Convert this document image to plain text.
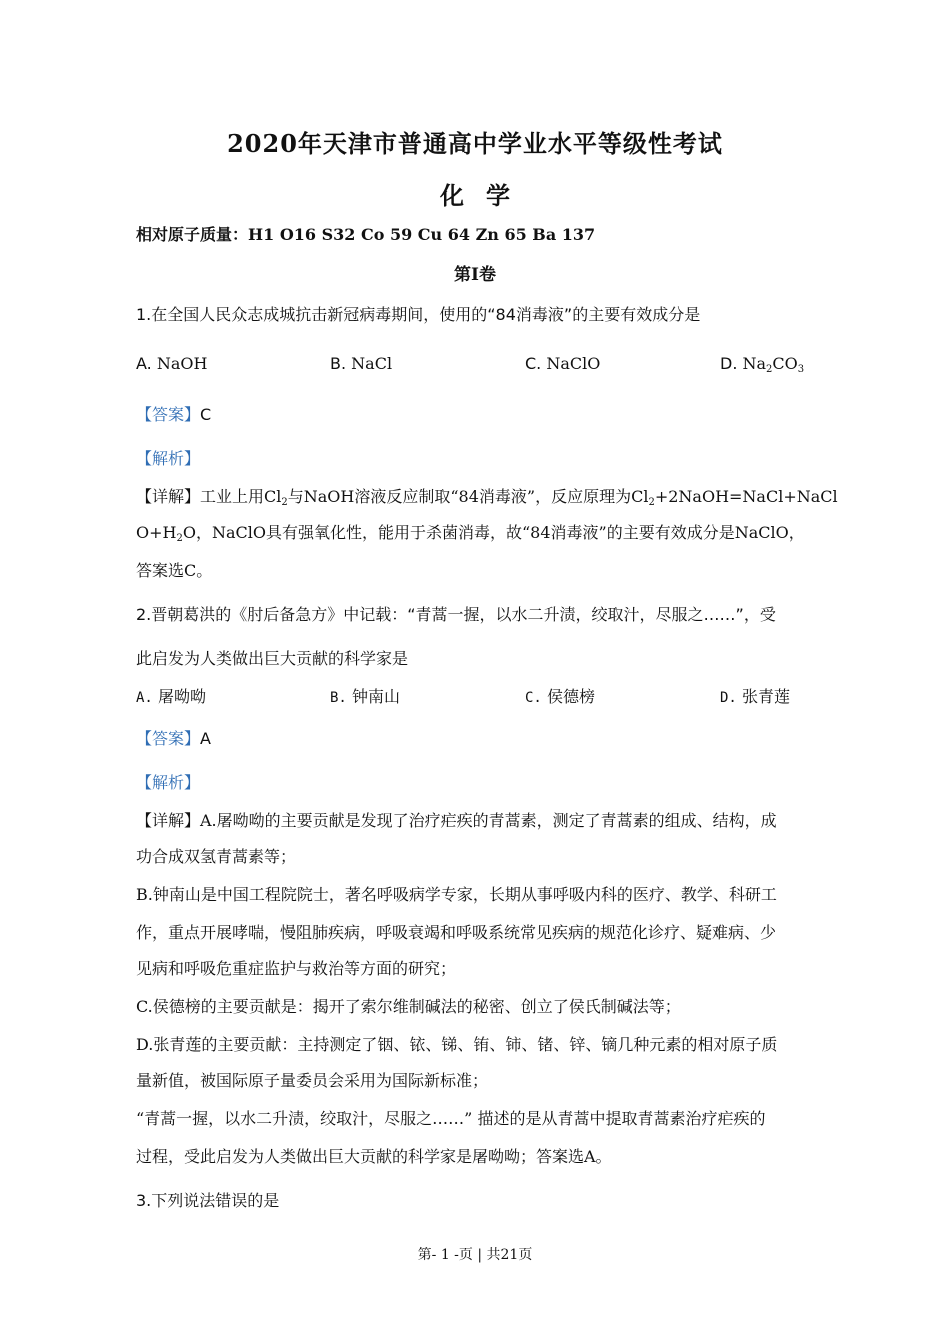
2020年天津市普通高中学业水平等级性考试
化学
相对原子质量：H1 O16 S32 Co 59 Cu 64 Zn 65 Ba 137
第I卷
1.在全国人民众志成城抗击新冠病毒期间，使用的“84消毒液”的主要有效成分是
A. NaOH	B. NaCl	C. NaClO	D. $Na_2CO_3$
【答案】C
【解析】
【详解】工业上用$Cl_2$与NaOH溶液反应制取“84消毒液”，反应原理为$Cl_2+2NaOH=NaCl+NaCl$
$O+H_2O$，NaClO具有强氧化性，能用于杀菌消毒，故“84消毒液”的主要有效成分是NaClO，
答案选C。
2.晋朝葛洪的《肘后备急方》中记载：“青蒿一握，以水二升渍，绞取汁，尽服之……”，受
此启发为人类做出巨大贡献的科学家是
A. 屠呦呦	B. 钟南山	C. 侯德榜	D. 张青莲
【答案】A
【解析】
【详解】A.屠呦呦的主要贡献是发现了治疗疟疾的青蒿素，测定了青蒿素的组成、结构，成
功合成双氢青蒿素等；
B.钟南山是中国工程院院士，著名呼吸病学专家，长期从事呼吸内科的医疗、教学、科研工
作，重点开展哮喘，慢阻肺疾病，呼吸衰竭和呼吸系统常见疾病的规范化诊疗、疑难病、少
见病和呼吸危重症监护与救治等方面的研究；
C.侯德榜的主要贡献是：揭开了索尔维制碱法的秘密、创立了侯氏制碱法等；
D.张青莲的主要贡献：主持测定了铟、铱、锑、铕、铈、锗、锌、镝几种元素的相对原子质
量新值，被国际原子量委员会采用为国际新标准；
“青蒿一握，以水二升渍，绞取汁，尽服之……” 描述的是从青蒿中提取青蒿素治疗疟疾的
过程，受此启发为人类做出巨大贡献的科学家是屠呦呦；答案选A。
3.下列说法错误的是
第- 1 -页 | 共21页
